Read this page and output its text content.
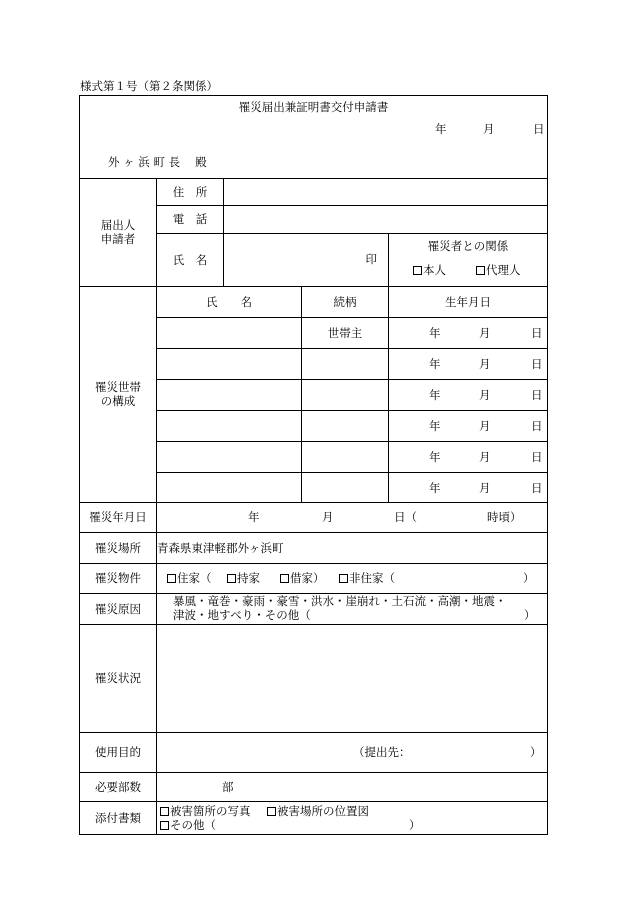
様式第１号（第２条関係）
罹災届出兼証明書交付申請書				

年 月 日				

外 ヶ 浜 町 長　 殿				

届出人
申請者	住　所			
	電　話			
	氏　名	印		罹災者との関係

				本人 代理人

罹災世帯
の構成	氏　　名		続柄	生年月日
			世帯主	年 月 日

				年 月 日

				年 月 日

				年 月 日

				年 月 日

				年 月 日

罹災年月日	年 月 日（ 時頃）			

罹災場所	青森県東津軽郡外ヶ浜町			
罹災物件	住家（ 持家 借家） 非住家（ ）			

罹災原因	暴風・竜巻・豪雨・豪雪・洪水・崖崩れ・土石流・高潮・地震・
津波・地すべり・その他（ ）			

罹災状況				
使用目的	（提出先： ）			

必要部数	部			

添付書類	被害箇所の写真 被害場所の位置図
その他（ ）			
